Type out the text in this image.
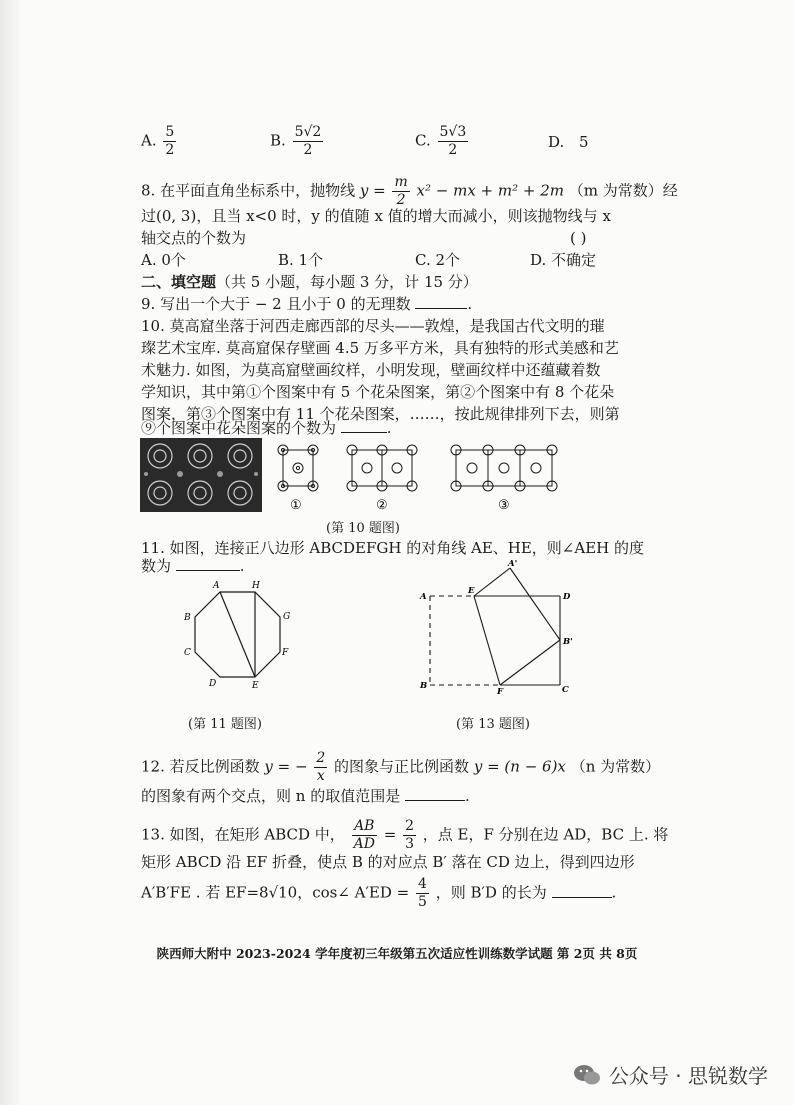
A. $\frac{5}{2}$	B. $\frac{5√2}{2}$	C. $\frac{5√3}{2}$	D. 5
8. 在平面直角坐标系中，抛物线 $y = \frac{m}{2} x^2$ − mx + m² + 2m （m 为常数）经
过(0, 3)，且当 x<0 时，y 的值随 x 值的增大而减小，则该抛物线与 x
轴交点的个数为	( )
A. 0个	B. 1个	C. 2个	D. 不确定
二、填空题（共 5 小题，每小题 3 分，计 15 分）
9. 写出一个大于 − 2 且小于 0 的无理数	.
10. 莫高窟坐落于河西走廊西部的尽头——敦煌，是我国古代文明的璀
璨艺术宝库. 莫高窟保存壁画 4.5 万多平方米，具有独特的形式美感和艺
术魅力. 如图，为莫高窟壁画纹样，小明发现，壁画纹样中还蕴藏着数
学知识，其中第①个图案中有 5 个花朵图案，第②个图案中有 8 个花朵
图案，第③个图案中有 11 个花朵图案，……，按此规律排列下去，则第
⑨个图案中花朵图案的个数为	.
①	②	③
(第 10 题图)
11. 如图，连接正八边形 ABCDEFGH 的对角线 AE、HE，则∠AEH 的度
数为	.
A	H
G
F
E
D
C
B
(第 11 题图)
A
E
A'
D
B'
B
F	C
(第 13 题图)
12. 若反比例函数 y = − $\frac{2}{x}$ 的图象与正比例函数 y = (n − 6)x （n 为常数）
的图象有两个交点，则 n 的取值范围是	.
13. 如图，在矩形 ABCD 中， $\frac{AB}{AD} = \frac{2}{3}$ ，点 E，F 分别在边 AD，BC 上. 将
矩形 ABCD 沿 EF 折叠，使点 B 的对应点 B′ 落在 CD 边上，得到四边形
A′B′FE . 若 EF=8√10，cos∠ $A'ED = \frac{4}{5}$ ，则 B′D 的长为	.
陕西师大附中 2023-2024 学年度初三年级第五次适应性训练数学试题 第 2页 共 8页
公众号 · 思锐数学
